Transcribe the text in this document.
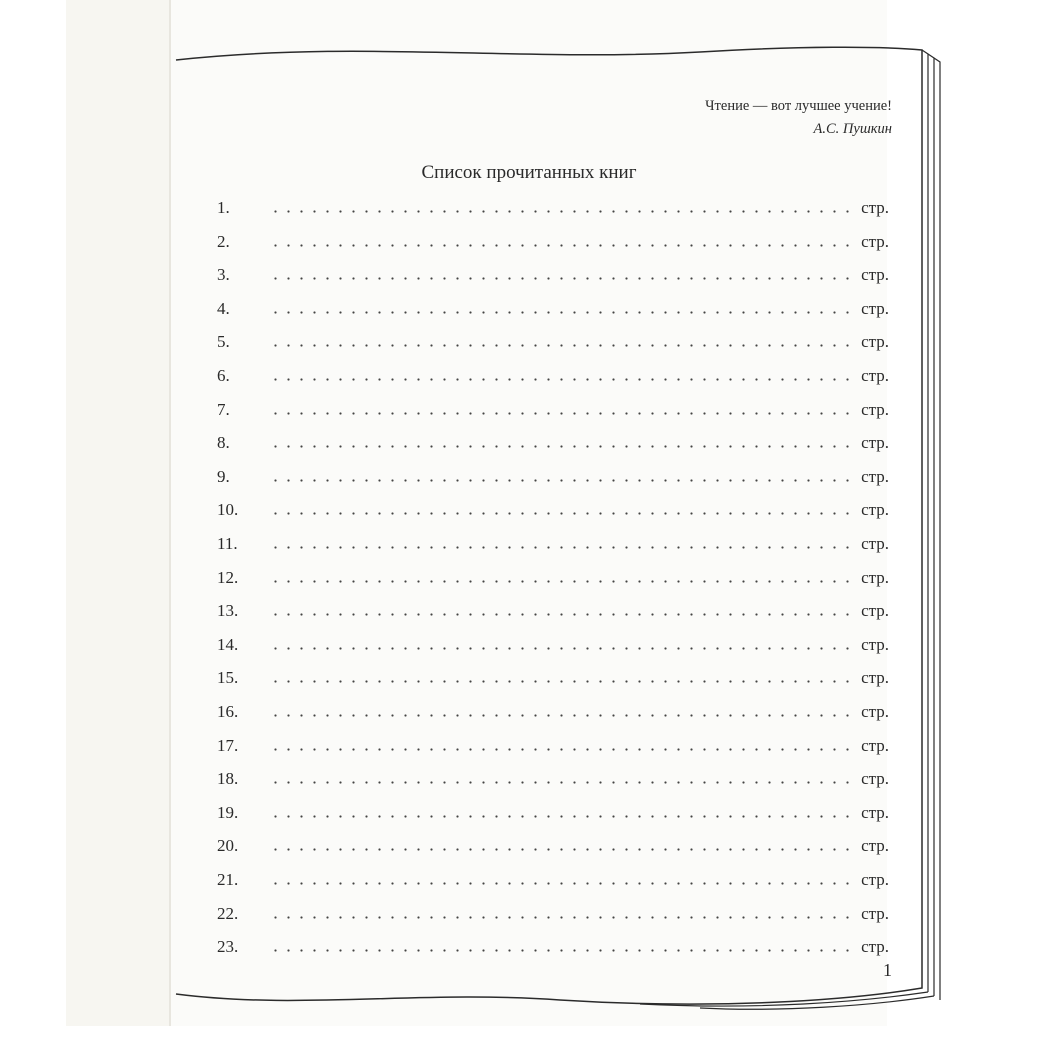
Чтение — вот лучшее учение!
А.С. Пушкин
Список прочитанных книг
1.	стр.
2.	стр.
3.	стр.
4.	стр.
5.	стр.
6.	стр.
7.	стр.
8.	стр.
9.	стр.
10.	стр.
11.	стр.
12.	стр.
13.	стр.
14.	стр.
15.	стр.
16.	стр.
17.	стр.
18.	стр.
19.	стр.
20.	стр.
21.	стр.
22.	стр.
23.	стр.
1
